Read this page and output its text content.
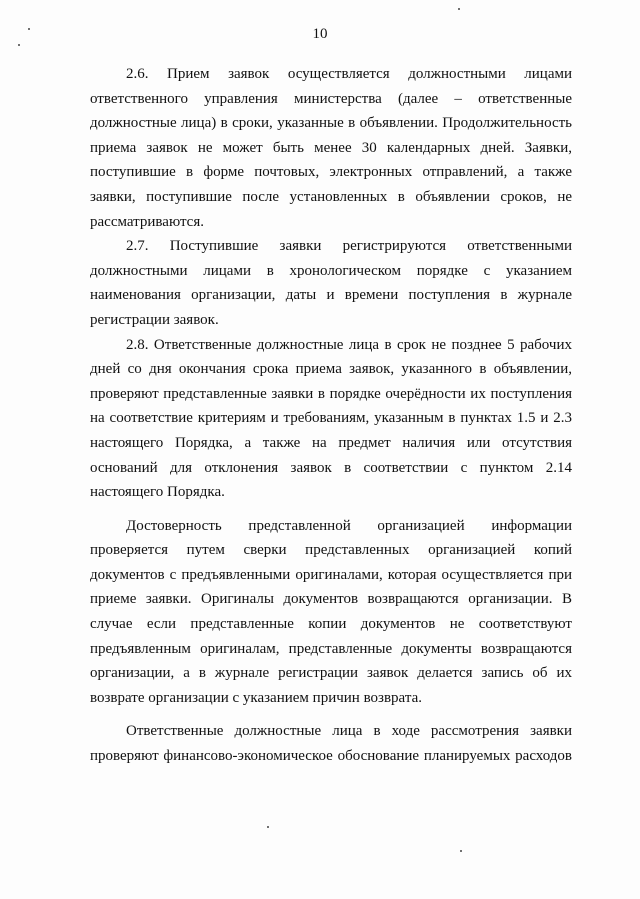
10

2.6. Прием заявок осуществляется должностными лицами
ответственного управления министерства (далее – ответственные
должностные лица) в сроки, указанные в объявлении. Продолжительность
приема заявок не может быть менее 30 календарных дней. Заявки,
поступившие в форме почтовых, электронных отправлений, а также
заявки, поступившие после установленных в объявлении сроков, не
рассматриваются.

2.7. Поступившие заявки регистрируются ответственными
должностными лицами в хронологическом порядке с указанием
наименования организации, даты и времени поступления в журнале
регистрации заявок.

2.8. Ответственные должностные лица в срок не позднее 5 рабочих
дней со дня окончания срока приема заявок, указанного в объявлении,
проверяют представленные заявки в порядке очерёдности их поступления
на соответствие критериям и требованиям, указанным в пунктах 1.5 и 2.3
настоящего Порядка, а также на предмет наличия или отсутствия
оснований для отклонения заявок в соответствии с пунктом 2.14
настоящего Порядка.

Достоверность представленной организацией информации
проверяется путем сверки представленных организацией копий
документов с предъявленными оригиналами, которая осуществляется при
приеме заявки. Оригиналы документов возвращаются организации. В
случае если представленные копии документов не соответствуют
предъявленным оригиналам, представленные документы возвращаются
организации, а в журнале регистрации заявок делается запись об их
возврате организации с указанием причин возврата.

Ответственные должностные лица в ходе рассмотрения заявки
проверяют финансово-экономическое обоснование планируемых расходов
